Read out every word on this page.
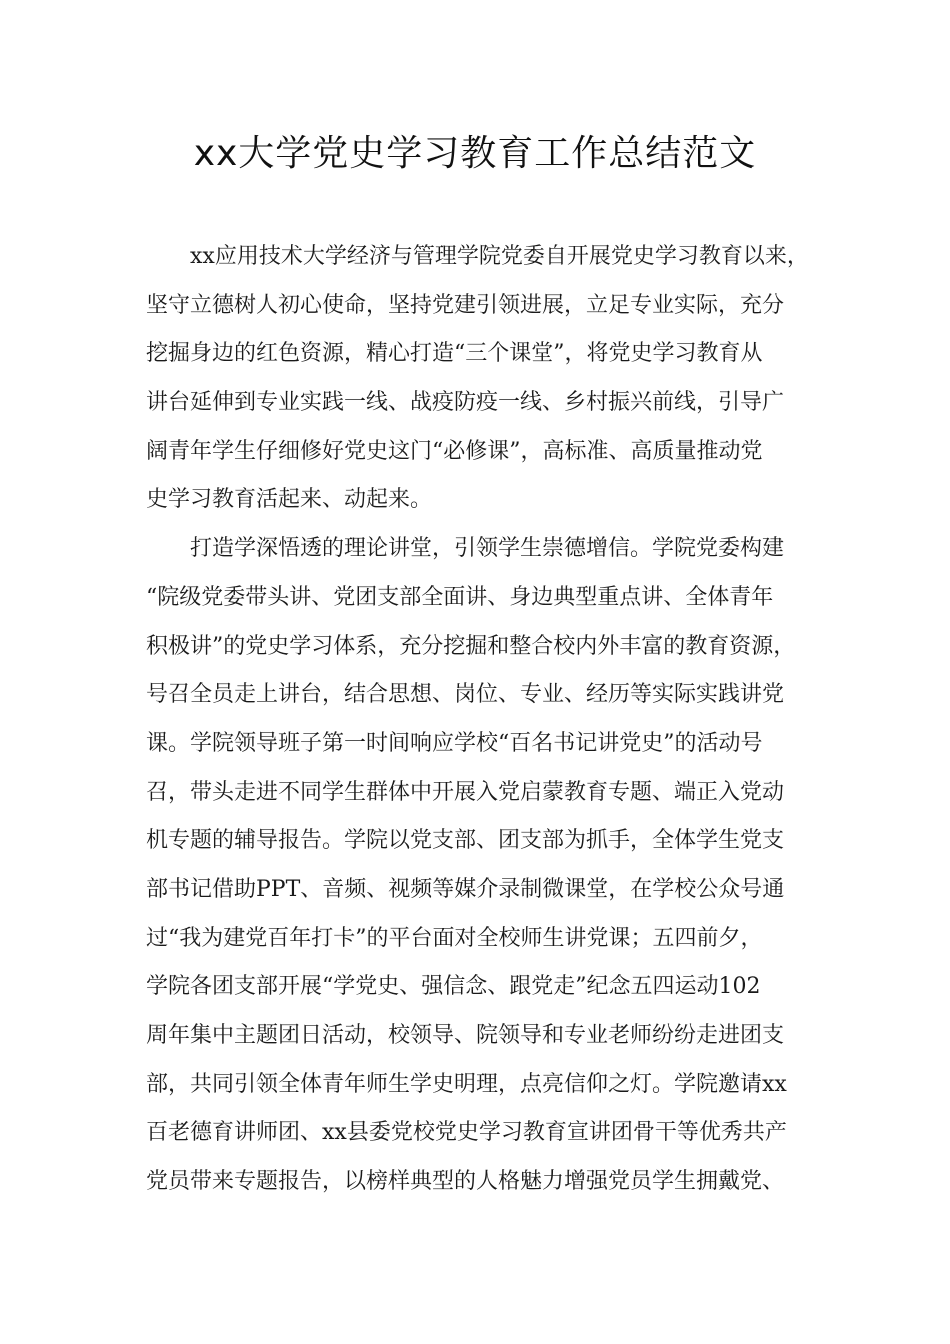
xx大学党史学习教育工作总结范文
xx应用技术大学经济与管理学院党委自开展党史学习教育以来，
坚守立德树人初心使命，坚持党建引领进展，立足专业实际，充分
挖掘身边的红色资源，精心打造“三个课堂”，将党史学习教育从
讲台延伸到专业实践一线、战疫防疫一线、乡村振兴前线，引导广
阔青年学生仔细修好党史这门“必修课”，高标准、高质量推动党
史学习教育活起来、动起来。
打造学深悟透的理论讲堂，引领学生崇德增信。学院党委构建
“院级党委带头讲、党团支部全面讲、身边典型重点讲、全体青年
积极讲”的党史学习体系，充分挖掘和整合校内外丰富的教育资源，
号召全员走上讲台，结合思想、岗位、专业、经历等实际实践讲党
课。学院领导班子第一时间响应学校“百名书记讲党史”的活动号
召，带头走进不同学生群体中开展入党启蒙教育专题、端正入党动
机专题的辅导报告。学院以党支部、团支部为抓手，全体学生党支
部书记借助PPT、音频、视频等媒介录制微课堂，在学校公众号通
过“我为建党百年打卡”的平台面对全校师生讲党课；五四前夕，
学院各团支部开展“学党史、强信念、跟党走”纪念五四运动102
周年集中主题团日活动，校领导、院领导和专业老师纷纷走进团支
部，共同引领全体青年师生学史明理，点亮信仰之灯。学院邀请xx
百老德育讲师团、xx县委党校党史学习教育宣讲团骨干等优秀共产
党员带来专题报告，以榜样典型的人格魅力增强党员学生拥戴党、
